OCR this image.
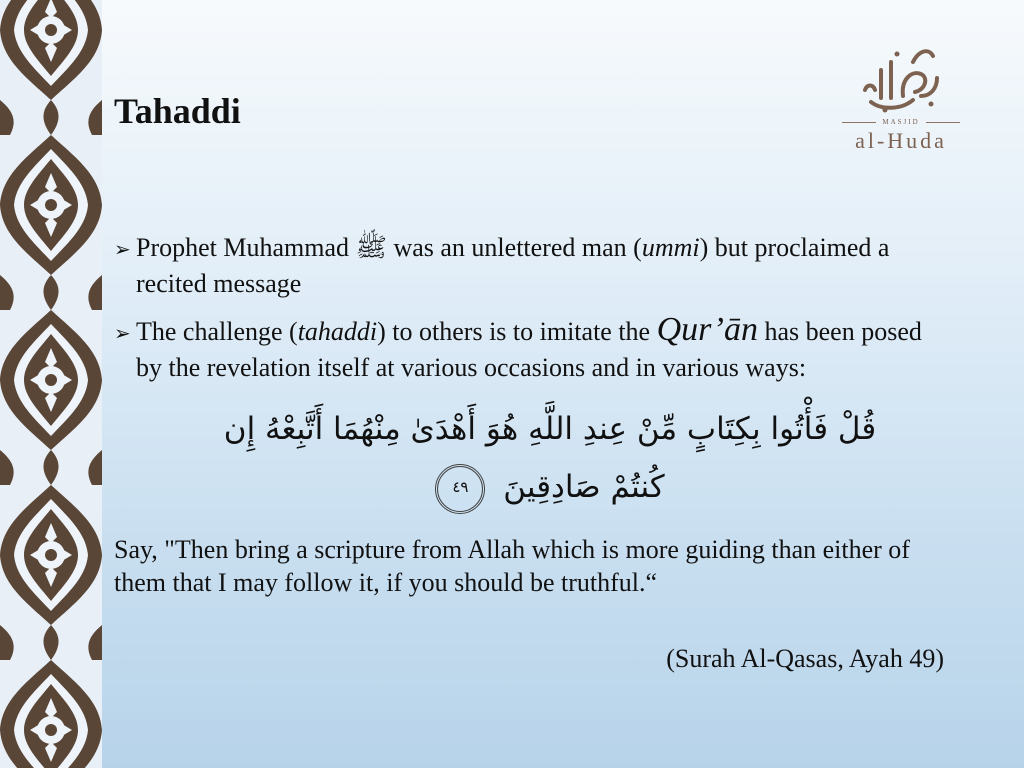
Tahaddi	MASJID
al-Huda

➢ Prophet Muhammad ﷺ was an unlettered man (ummi) but proclaimed a recited message

➢ The challenge (tahaddi) to others is to imitate the Qur’ān has been posed by the revelation itself at various occasions and in various ways:

قُلْ فَأْتُوا بِكِتَابٍ مِّنْ عِندِ اللَّهِ هُوَ أَهْدَىٰ مِنْهُمَا أَتَّبِعْهُ إِن كُنتُمْ صَادِقِينَ ٤٩

Say, "Then bring a scripture from Allah which is more guiding than either of them that I may follow it, if you should be truthful.“

(Surah Al-Qasas, Ayah 49)
